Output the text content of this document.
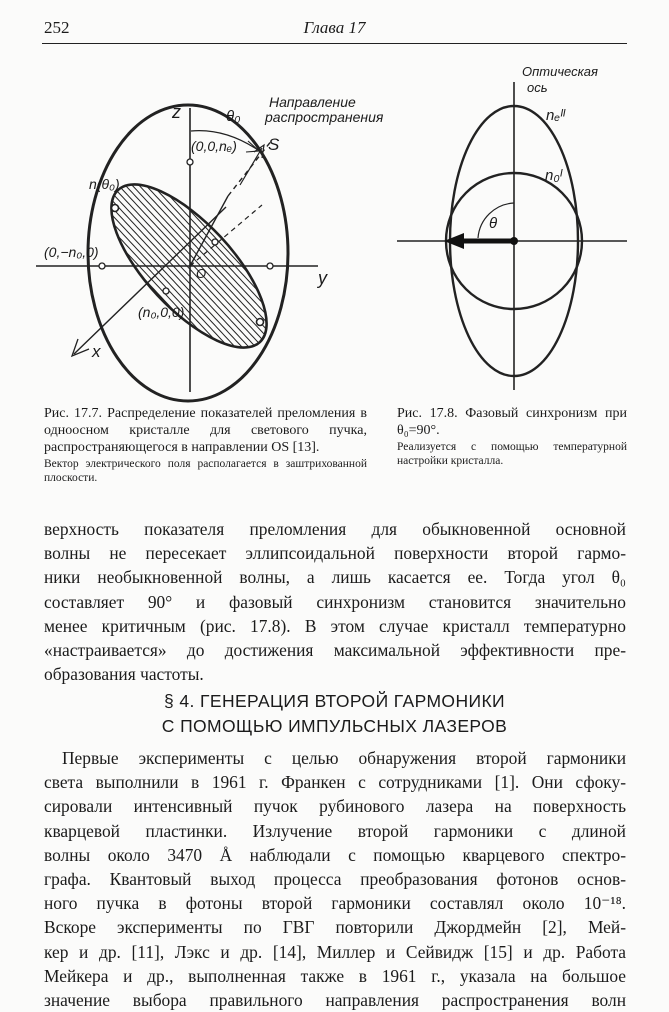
252	Глава 17
z
y
x
S
O
θ₀
Направление
распространения
(0,0,nₑ)
(0,−n₀,0)
(n₀,0,0)
n(θ₀)
Оптическая
ось
nₑᴵᴵ
n₀ᴵ
θ
Рис. 17.7. Распределение показателей преломления в одноосном кристалле для светового пучка, распространяющегося в направлении OS [13].
Вектор электрического поля располагается в заштрихованной плоскости.
Рис. 17.8. Фазовый синхронизм при θ₀=90°.
Реализуется с помощью температурной настройки кристалла.
верхность показателя преломления для обыкновенной основной
волны не пересекает эллипсоидальной поверхности второй гармо-
ники необыкновенной волны, а лишь касается ее. Тогда угол θ₀
составляет 90° и фазовый синхронизм становится значительно
менее критичным (рис. 17.8). В этом случае кристалл температурно
«настраивается» до достижения максимальной эффективности пре-
образования частоты.
§ 4. ГЕНЕРАЦИЯ ВТОРОЙ ГАРМОНИКИ
С ПОМОЩЬЮ ИМПУЛЬСНЫХ ЛАЗЕРОВ
Первые эксперименты с целью обнаружения второй гармоники
света выполнили в 1961 г. Франкен с сотрудниками [1]. Они сфоку-
сировали интенсивный пучок рубинового лазера на поверхность
кварцевой пластинки. Излучение второй гармоники с длиной
волны около 3470 Å наблюдали с помощью кварцевого спектро-
графа. Квантовый выход процесса преобразования фотонов основ-
ного пучка в фотоны второй гармоники составлял около 10⁻¹⁸.
Вскоре эксперименты по ГВГ повторили Джордмейн [2], Мей-
кер и др. [11], Лэкс и др. [14], Миллер и Сейвидж [15] и др. Работа
Мейкера и др., выполненная также в 1961 г., указала на большое
значение выбора правильного направления распространения волн
